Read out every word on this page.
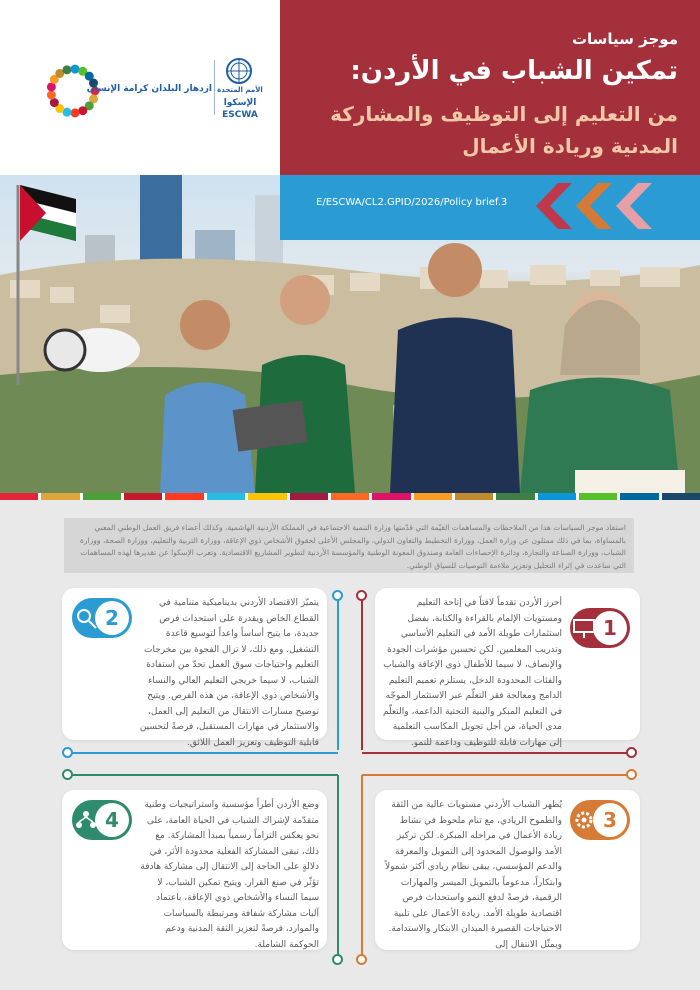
ازدهار البلدان كرامة الإنسان الأمم المتحدة
الإسكوا
ESCWA
موجز سياسات
تمكين الشباب في الأردن:
من التعليم إلى التوظيف والمشاركة
المدنية وريادة الأعمال
E/ESCWA/CL2.GPID/2026/Policy brief.3

استفاد موجز السياسات هذا من الملاحظات والمساهمات القيّمة التي قدّمتها وزارة التنمية الاجتماعية في المملكة الأردنية الهاشمية، وكذلك أعضاء فريق العمل الوطني المعني بالمساواة، بما في ذلك ممثلون عن وزارة العمل، ووزارة التخطيط والتعاون الدولي، والمجلس الأعلى لحقوق الأشخاص ذوي الإعاقة، ووزارة التربية والتعليم، ووزارة الصحة، ووزارة الشباب، ووزارة الصناعة والتجارة، ودائرة الإحصاءات العامة وصندوق المعونة الوطنية والمؤسسة الأردنية لتطوير المشاريع الاقتصادية. وتعرب الإسكوا عن تقديرها لهذه المساهمات التي ساعدت في إثراء التحليل وتعزيز ملاءمة التوصيات للسياق الوطني.

1

أحرز الأردن تقدماً لافتاً في إتاحة التعليم ومستويات الإلمام بالقراءة والكتابة، بفضل استثمارات طويلة الأمد في التعليم الأساسي وتدريب المعلمين. لكن تحسين مؤشرات الجودة والإنصاف، لا سيما للأطفال ذوي الإعاقة والشباب والفئات المحدودة الدخل، يستلزم تعميم التعليم الدامج ومعالجة فقر التعلّم عبر الاستثمار الموجّه في التعليم المبكر والبنية التحتية الداعمة، والتعلّم مدى الحياة، من أجل تحويل المكاسب التعلمية إلى مهارات قابلة للتوظيف وداعمة للنمو.

2

يتميّز الاقتصاد الأردني بديناميكية متنامية في القطاع الخاص ويقدرة على استحداث فرص جديدة، ما يتيح أساساً واعداً لتوسيع قاعدة التشغيل. ومع ذلك، لا تزال الفجوة بين مخرجات التعليم واحتياجات سوق العمل تحدّ من استفادة الشباب، لا سيما خريجي التعليم العالي والنساء والأشخاص ذوي الإعاقة، من هذه الفرص. ويتيح توضيح مسارات الانتقال من التعليم إلى العمل، والاستثمار في مهارات المستقبل، فرصةً لتحسين قابلية التوظيف وتعزيز العمل اللائق.

3

يُظهر الشباب الأردني مستويات عالية من الثقة والطموح الريادي، مع تنام ملحوظ في نشاط ريادة الأعمال في مراحله المبكرة. لكن تركيز الأمد والوصول المحدود إلى التمويل والمعرفة والدعم المؤسسي، يبقى نظام ريادي أكثر شمولاً وابتكاراً، مدعوماً بالتمويل الميسر والمهارات الرقمية، فرصةً لدفع النمو واستحداث فرص اقتصادية طويلة الأمد. ريادة الأعمال على تلبية الاحتياجات القصيرة الميدان الابتكار والاستدامة. ويمثّل الانتقال إلى

4

وضع الأردن أطراً مؤسسية واستراتيجيات وطنية متقدّمة لإشراك الشباب في الحياة العامة، على نحو يعكس التزاماً رسمياً بمبدأ المشاركة. مع ذلك، تبقى المشاركة الفعلية محدودة الأثر، في دلالةٍ على الحاجة إلى الانتقال إلى مشاركة هادفة تؤثّر في صنع القرار. ويتيح تمكين الشباب، لا سيما النساء والأشخاص ذوي الإعاقة، باعتماد آليات مشاركة شفافة ومرتبطة بالسياسات والموارد، فرصةً لتعزيز الثقة المدنية ودعم الحوكمة الشاملة.
